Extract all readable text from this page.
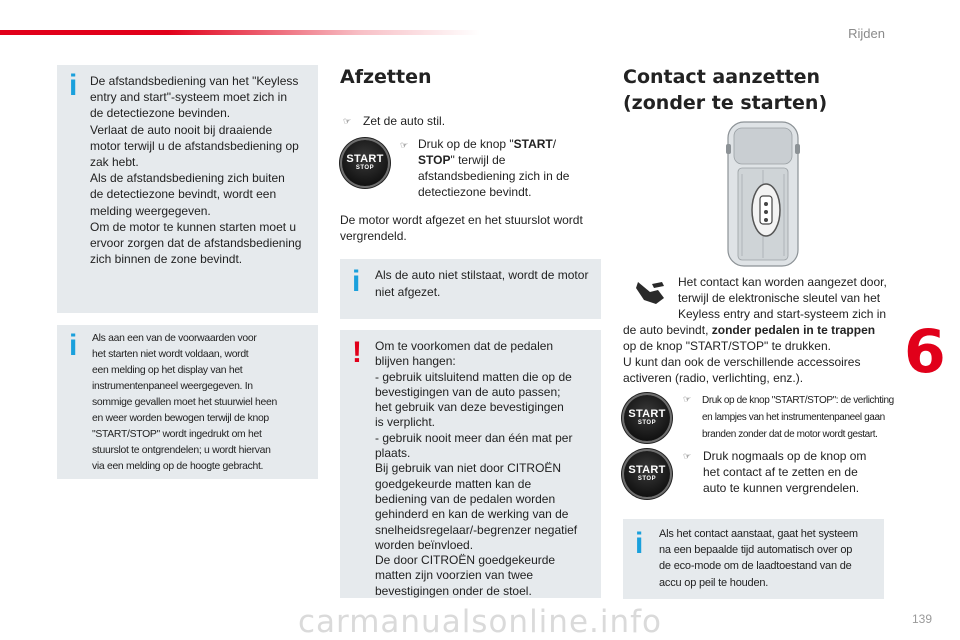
Rijden
i De afstandsbediening van het "Keyless
entry and start"-systeem moet zich in
de detectiezone bevinden.
Verlaat de auto nooit bij draaiende
motor terwijl u de afstandsbediening op
zak hebt.
Als de afstandsbediening zich buiten
de detectiezone bevindt, wordt een
melding weergegeven.
Om de motor te kunnen starten moet u
ervoor zorgen dat de afstandsbediening
zich binnen de zone bevindt.

i Als aan een van de voorwaarden voor
het starten niet wordt voldaan, wordt
een melding op het display van het
instrumentenpaneel weergegeven. In
sommige gevallen moet het stuurwiel heen
en weer worden bewogen terwijl de knop
"START/STOP" wordt ingedrukt om het
stuurslot te ontgrendelen; u wordt hiervan
via een melding op de hoogte gebracht.

Afzetten
☞ Zet de auto stil.
START
STOP
☞ Druk op de knop "START/
STOP" terwijl de
afstandsbediening zich in de
detectiezone bevindt.
De motor wordt afgezet en het stuurslot wordt
vergrendeld.
i Als de auto niet stilstaat, wordt de motor
niet afgezet.

! Om te voorkomen dat de pedalen
blijven hangen:
- gebruik uitsluitend matten die op de
bevestigingen van de auto passen;
het gebruik van deze bevestigingen
is verplicht.
- gebruik nooit meer dan één mat per
plaats.
Bij gebruik van niet door CITROËN
goedgekeurde matten kan de
bediening van de pedalen worden
gehinderd en kan de werking van de
snelheidsregelaar/-begrenzer negatief
worden beïnvloed.
De door CITROËN goedgekeurde
matten zijn voorzien van twee
bevestigingen onder de stoel.

Contact aanzetten
(zonder te starten)
Het contact kan worden aangezet door,
terwijl de elektronische sleutel van het
Keyless entry and start-systeem zich in
de auto bevindt, zonder pedalen in te trappen
op de knop "START/STOP" te drukken.
U kunt dan ook de verschillende accessoires
activeren (radio, verlichting, enz.).
START
STOP
☞ Druk op de knop "START/STOP": de verlichting
en lampjes van het instrumentenpaneel gaan
branden zonder dat de motor wordt gestart.
START
STOP
☞ Druk nogmaals op de knop om
het contact af te zetten en de
auto te kunnen vergrendelen.
i Als het contact aanstaat, gaat het systeem
na een bepaalde tijd automatisch over op
de eco-mode om de laadtoestand van de
accu op peil te houden.

6
139
carmanualsonline.info
